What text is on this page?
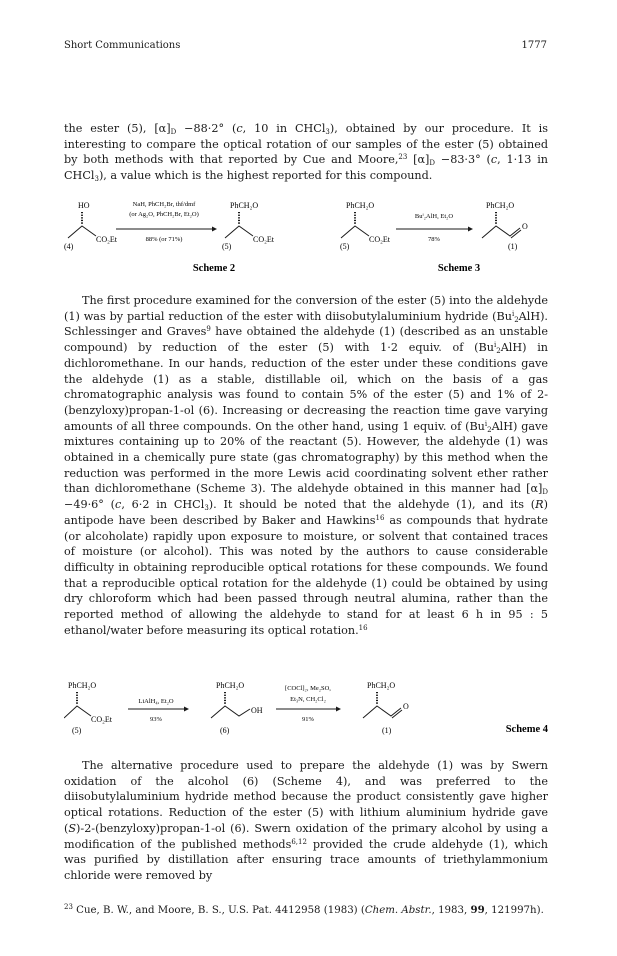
Short Communications	1777

the ester (5), $[\alpha]_D -88\cdot 2^\circ$ (c, 10 in CHCl$_3$), obtained by our procedure. It is interesting to compare the optical rotation of our samples of the ester (5) obtained by both methods with that reported by Cue and Moore,$^{23}$ $[\alpha]_D -83\cdot 3^\circ$ (c, 1·13 in CHCl$_3$), a value which is the highest reported for this compound.

HO
CO₂Et
(4)
NaH, PhCH₂Br, thf/dmf
(or Ag₂O, PhCH₂Br, Et₂O)
88% (or 71%)
PhCH₂O
CO₂Et
(5)
Scheme 2
PhCH₂O
CO₂Et
(5)
Buⁱ₂AlH, Et₂O
78%
PhCH₂O
O
(1)
Scheme 3

The first procedure examined for the conversion of the ester (5) into the aldehyde (1) was by partial reduction of the ester with diisobutylaluminium hydride $(Bu^i_2AlH)$. Schlessinger and Graves$^9$ have obtained the aldehyde (1) (described as an unstable compound) by reduction of the ester (5) with 1·2 equiv. of $(Bu^i_2AlH)$ in dichloromethane. In our hands, reduction of the ester under these conditions gave the aldehyde (1) as a stable, distillable oil, which on the basis of a gas chromatographic analysis was found to contain 5% of the ester (5) and 1% of 2-(benzyloxy)propan-1-ol (6). Increasing or decreasing the reaction time gave varying amounts of all three compounds. On the other hand, using 1 equiv. of $(Bu^i_2AlH)$ gave mixtures containing up to 20% of the reactant (5). However, the aldehyde (1) was obtained in a chemically pure state (gas chromatography) by this method when the reduction was performed in the more Lewis acid coordinating solvent ether rather than dichloromethane (Scheme 3). The aldehyde obtained in this manner had $[\alpha]_D -49\cdot 6^\circ$ (c, 6·2 in CHCl$_3$). It should be noted that the aldehyde (1), and its (R) antipode have been described by Baker and Hawkins$^{16}$ as compounds that hydrate (or alcoholate) rapidly upon exposure to moisture, or solvent that contained traces of moisture (or alcohol). This was noted by the authors to cause considerable difficulty in obtaining reproducible optical rotations for these compounds. We found that a reproducible optical rotation for the aldehyde (1) could be obtained by using dry chloroform which had been passed through neutral alumina, rather than the reported method of allowing the aldehyde to stand for at least 6 h in 95 : 5 ethanol/water before measuring its optical rotation.$^{16}$

PhCH₂O
CO₂Et
(5)
LiAlH₄, Et₂O
93%
PhCH₂O
OH
(6)
[COCl]₂, Me₂SO,
Et₃N, CH₂Cl₂
91%
PhCH₂O
O
(1)	Scheme 4

The alternative procedure used to prepare the aldehyde (1) was by Swern oxidation of the alcohol (6) (Scheme 4), and was preferred to the diisobutylaluminium hydride method because the product consistently gave higher optical rotations. Reduction of the ester (5) with lithium aluminium hydride gave (S)-2-(benzyloxy)propan-1-ol (6). Swern oxidation of the primary alcohol by using a modification of the published methods$^{6,12}$ provided the crude aldehyde (1), which was purified by distillation after ensuring trace amounts of triethylammonium chloride were removed by

$^{23}$ Cue, B. W., and Moore, B. S., U.S. Pat. 4412958 (1983) (Chem. Abstr., 1983, 99, 121997h).
